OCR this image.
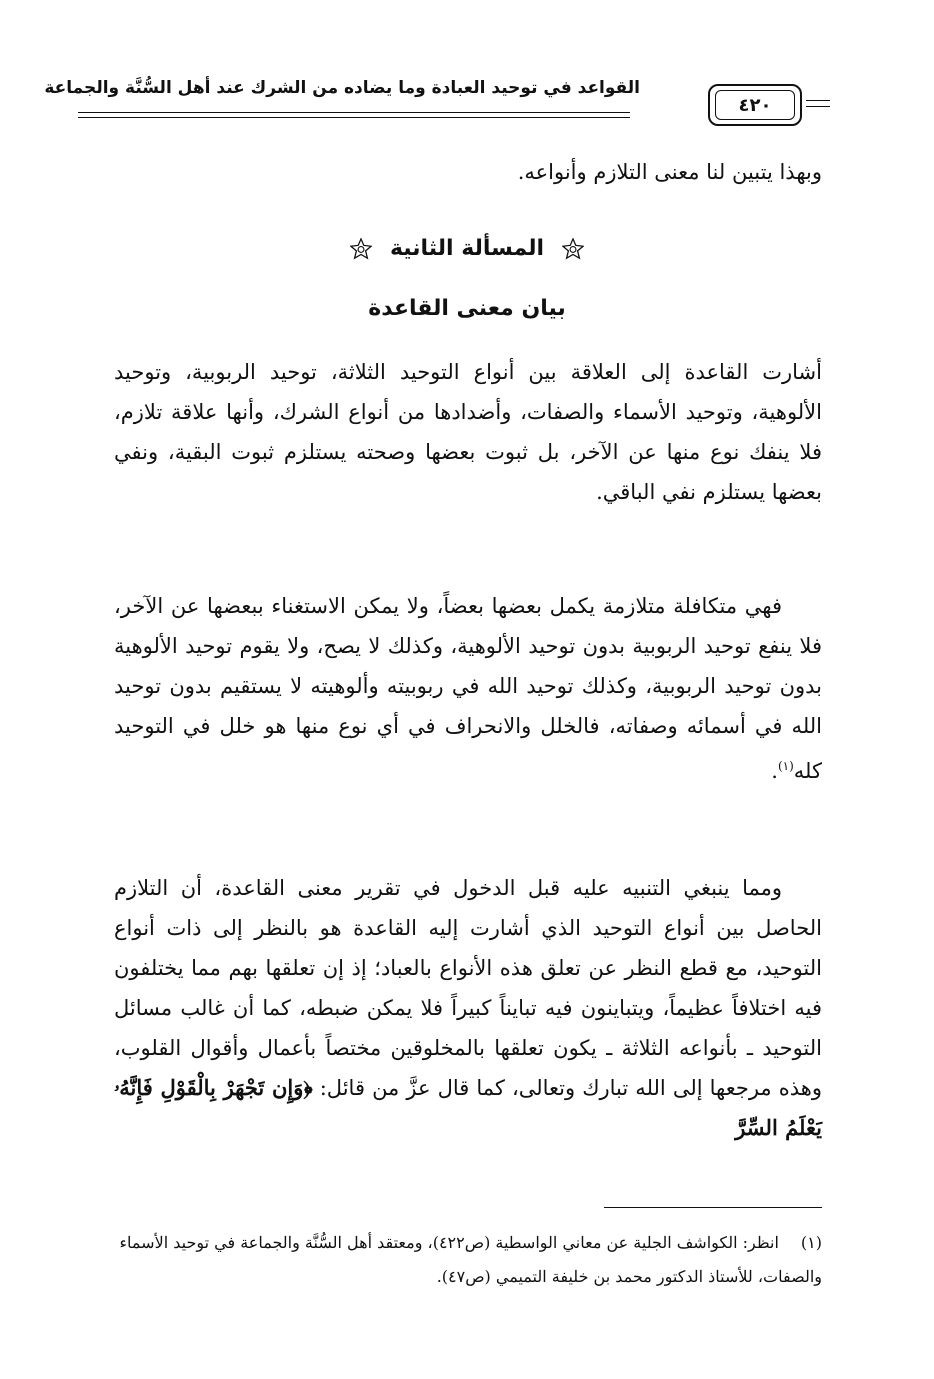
القواعد في توحيد العبادة وما يضاده من الشرك عند أهل السُّنَّة والجماعة
٤٢٠
وبهذا يتبين لنا معنى التلازم وأنواعه.
المسألة الثانية
بيان معنى القاعدة
أشارت القاعدة إلى العلاقة بين أنواع التوحيد الثلاثة، توحيد الربوبية، وتوحيد الألوهية، وتوحيد الأسماء والصفات، وأضدادها من أنواع الشرك، وأنها علاقة تلازم، فلا ينفك نوع منها عن الآخر، بل ثبوت بعضها وصحته يستلزم ثبوت البقية، ونفي بعضها يستلزم نفي الباقي.
فهي متكافلة متلازمة يكمل بعضها بعضاً، ولا يمكن الاستغناء ببعضها عن الآخر، فلا ينفع توحيد الربوبية بدون توحيد الألوهية، وكذلك لا يصح، ولا يقوم توحيد الألوهية بدون توحيد الربوبية، وكذلك توحيد الله في ربوبيته وألوهيته لا يستقيم بدون توحيد الله في أسمائه وصفاته، فالخلل والانحراف في أي نوع منها هو خلل في التوحيد كله$^{(١)}$.
ومما ينبغي التنبيه عليه قبل الدخول في تقرير معنى القاعدة، أن التلازم الحاصل بين أنواع التوحيد الذي أشارت إليه القاعدة هو بالنظر إلى ذات أنواع التوحيد، مع قطع النظر عن تعلق هذه الأنواع بالعباد؛ إذ إن تعلقها بهم مما يختلفون فيه اختلافاً عظيماً، ويتباينون فيه تبايناً كبيراً فلا يمكن ضبطه، كما أن غالب مسائل التوحيد ـ بأنواعه الثلاثة ـ يكون تعلقها بالمخلوقين مختصاً بأعمال وأقوال القلوب، وهذه مرجعها إلى الله تبارك وتعالى، كما قال عزَّ من قائل: ﴿وَإِن تَجْهَرْ بِالْقَوْلِ فَإِنَّهُۥ يَعْلَمُ السِّرَّ
(١) انظر: الكواشف الجلية عن معاني الواسطية (ص٤٢٢)، ومعتقد أهل السُّنَّة والجماعة في توحيد الأسماء والصفات، للأستاذ الدكتور محمد بن خليفة التميمي (ص٤٧).
